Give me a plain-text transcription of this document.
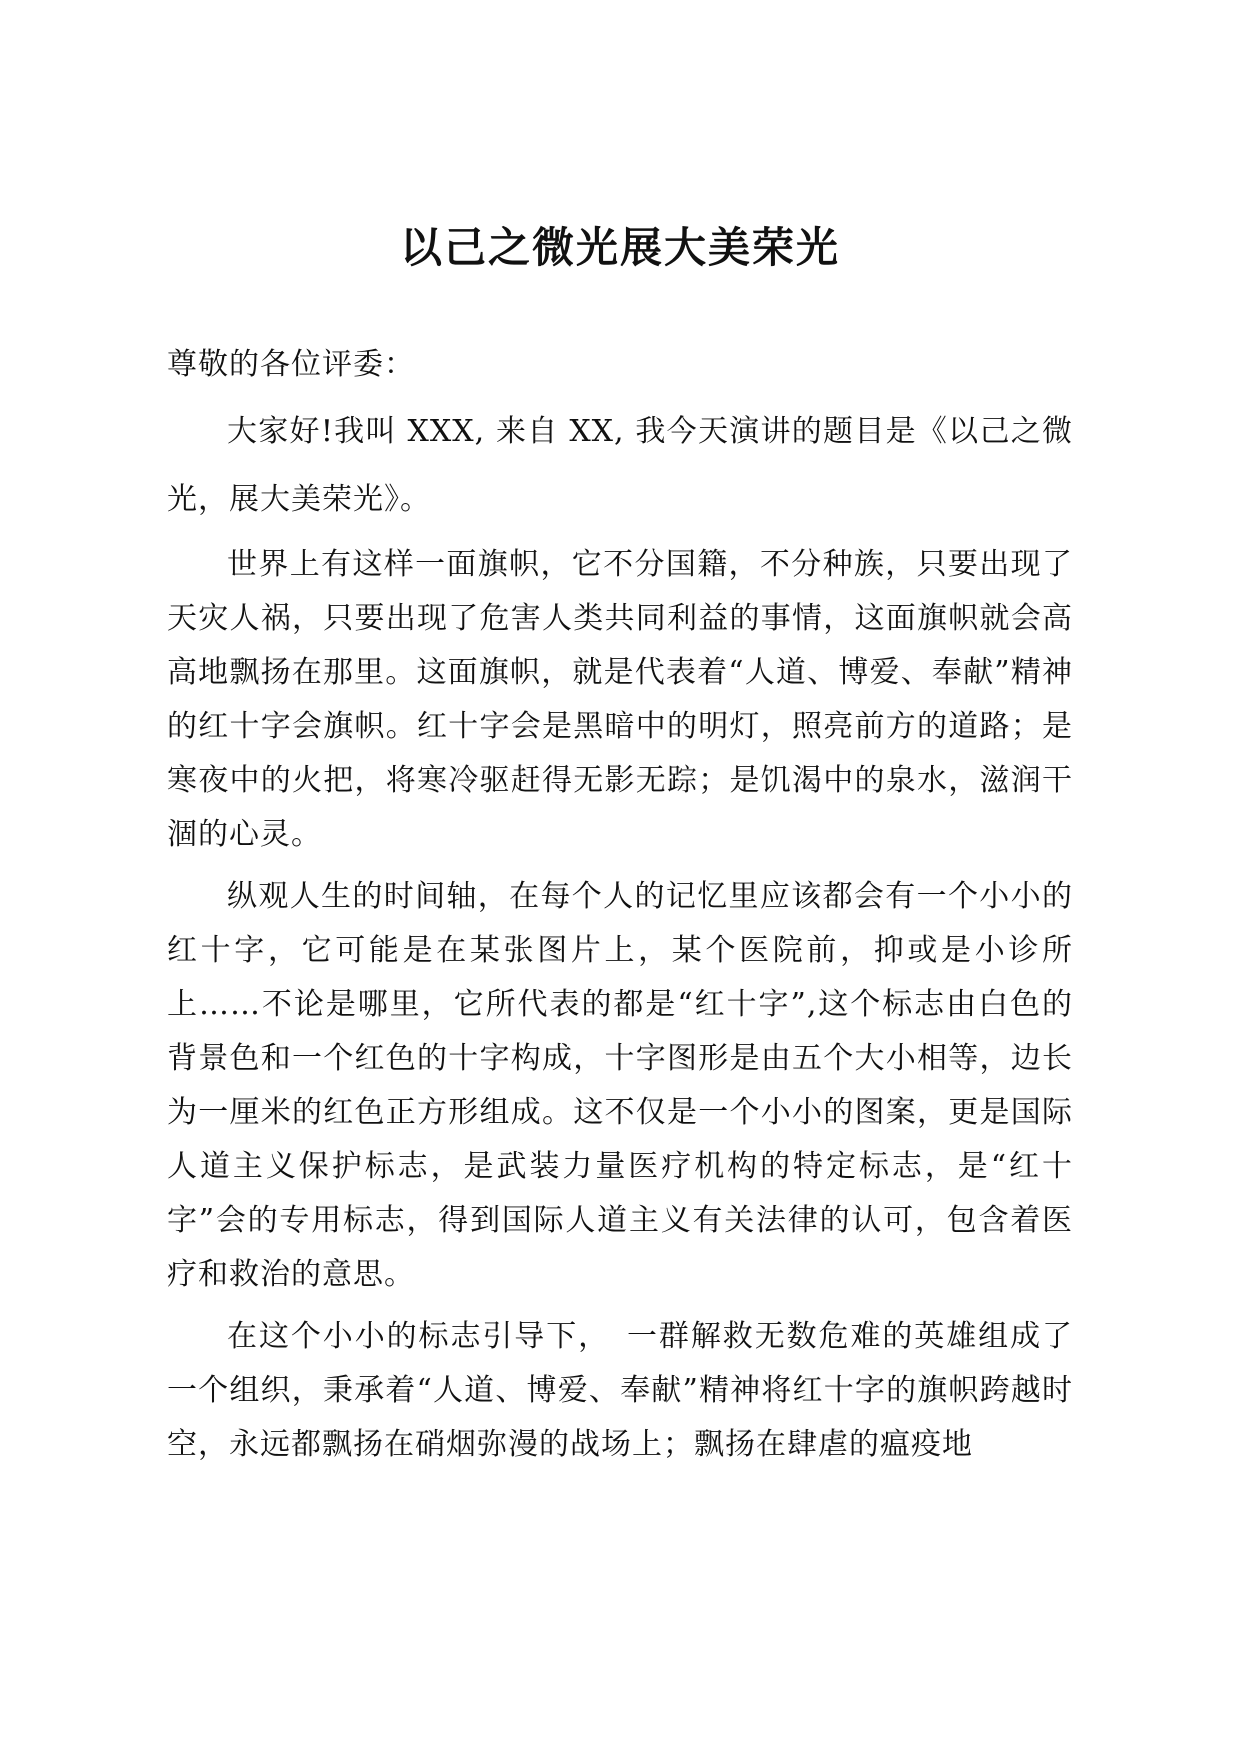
以己之微光展大美荣光

尊敬的各位评委：

大家好!我叫 XXX, 来自 XX, 我今天演讲的题目是《以己之微光，展大美荣光》。

世界上有这样一面旗帜，它不分国籍，不分种族，只要出现了天灾人祸，只要出现了危害人类共同利益的事情，这面旗帜就会高高地飘扬在那里。这面旗帜，就是代表着“人道、博爱、奉献”精神的红十字会旗帜。红十字会是黑暗中的明灯，照亮前方的道路；是寒夜中的火把，将寒冷驱赶得无影无踪；是饥渴中的泉水，滋润干涸的心灵。

纵观人生的时间轴，在每个人的记忆里应该都会有一个小小的红十字，它可能是在某张图片上，某个医院前，抑或是小诊所上……不论是哪里，它所代表的都是“红十字”,这个标志由白色的背景色和一个红色的十字构成，十字图形是由五个大小相等，边长为一厘米的红色正方形组成。这不仅是一个小小的图案，更是国际人道主义保护标志，是武装力量医疗机构的特定标志，是“红十字”会的专用标志，得到国际人道主义有关法律的认可，包含着医疗和救治的意思。

在这个小小的标志引导下，　一群解救无数危难的英雄组成了一个组织，秉承着“人道、博爱、奉献”精神将红十字的旗帜跨越时空，永远都飘扬在硝烟弥漫的战场上；飘扬在肆虐的瘟疫地
